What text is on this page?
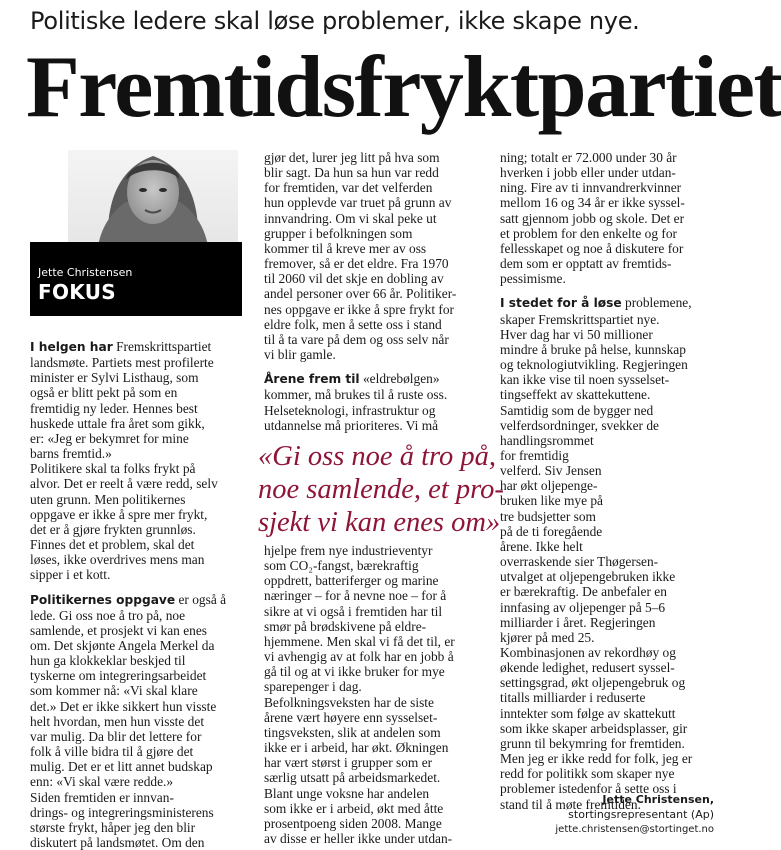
Politiske ledere skal løse problemer, ikke skape nye.
Fremtidsfryktpartiet
Jette Christensen
FOKUS

I helgen har Fremskrittspartiet

landsmøte. Partiets mest profilerte

minister er Sylvi Listhaug, som

også er blitt pekt på som en

fremtidig ny leder. Hennes best

huskede uttale fra året som gikk,

er: «Jeg er bekymret for mine

barns fremtid.»

Politikere skal ta folks frykt på

alvor. Det er reelt å være redd, selv

uten grunn. Men politikernes

oppgave er ikke å spre mer frykt,

det er å gjøre frykten grunnløs.

Finnes det et problem, skal det

løses, ikke overdrives mens man

sipper i et kott.

Politikernes oppgave er også å

lede. Gi oss noe å tro på, noe

samlende, et prosjekt vi kan enes

om. Det skjønte Angela Merkel da

hun ga klokkeklar beskjed til

tyskerne om integreringsarbeidet

som kommer nå: «Vi skal klare

det.» Det er ikke sikkert hun visste

helt hvordan, men hun visste det

var mulig. Da blir det lettere for

folk å ville bidra til å gjøre det

mulig. Det er et litt annet budskap

enn: «Vi skal være redde.»

Siden fremtiden er innvan-

drings- og integreringsministerens

største frykt, håper jeg den blir

diskutert på landsmøtet. Om den

gjør det, lurer jeg litt på hva som

blir sagt. Da hun sa hun var redd

for fremtiden, var det velferden

hun opplevde var truet på grunn av

innvandring. Om vi skal peke ut

grupper i befolkningen som

kommer til å kreve mer av oss

fremover, så er det eldre. Fra 1970

til 2060 vil det skje en dobling av

andel personer over 66 år. Politiker-

nes oppgave er ikke å spre frykt for

eldre folk, men å sette oss i stand

til å ta vare på dem og oss selv når

vi blir gamle.

Årene frem til «eldrebølgen»

kommer, må brukes til å ruste oss.

Helseteknologi, infrastruktur og

utdannelse må prioriteres. Vi må

hjelpe frem nye industrieventyr

som CO₂-fangst, bærekraftig

oppdrett, batteriferger og marine

næringer – for å nevne noe – for å

sikre at vi også i fremtiden har til

smør på brødskivene på eldre-

hjemmene. Men skal vi få det til, er

vi avhengig av at folk har en jobb å

gå til og at vi ikke bruker for mye

sparepenger i dag.

Befolkningsveksten har de siste

årene vært høyere enn sysselset-

tingsveksten, slik at andelen som

ikke er i arbeid, har økt. Økningen

har vært størst i grupper som er

særlig utsatt på arbeidsmarkedet.

Blant unge voksne har andelen

som ikke er i arbeid, økt med åtte

prosentpoeng siden 2008. Mange

av disse er heller ikke under utdan-

ning; totalt er 72.000 under 30 år

hverken i jobb eller under utdan-

ning. Fire av ti innvandrerkvinner

mellom 16 og 34 år er ikke syssel-

satt gjennom jobb og skole. Det er

et problem for den enkelte og for

fellesskapet og noe å diskutere for

dem som er opptatt av fremtids-

pessimisme.

I stedet for å løse problemene,

skaper Fremskrittspartiet nye.

Hver dag har vi 50 millioner

mindre å bruke på helse, kunnskap

og teknologiutvikling. Regjeringen

kan ikke vise til noen sysselset-

tingseffekt av skattekuttene.

Samtidig som de bygger ned

velferdsordninger, svekker de

handlingsrommet

for fremtidig

velferd. Siv Jensen

har økt oljepenge-

bruken like mye på

tre budsjetter som

på de ti foregående

årene. Ikke helt

overraskende sier Thøgersen-

utvalget at oljepengebruken ikke

er bærekraftig. De anbefaler en

innfasing av oljepenger på 5–6

milliarder i året. Regjeringen

kjører på med 25.

Kombinasjonen av rekordhøy og

økende ledighet, redusert syssel-

settingsgrad, økt oljepengebruk og

titalls milliarder i reduserte

inntekter som følge av skattekutt

som ikke skaper arbeidsplasser, gir

grunn til bekymring for fremtiden.

Men jeg er ikke redd for folk, jeg er

redd for politikk som skaper nye

problemer istedenfor å sette oss i

stand til å møte fremtiden.

«Gi oss noe å tro på,
noe samlende, et pro-
sjekt vi kan enes om»
Jette Christensen,
stortingsrepresentant (Ap)
jette.christensen@stortinget.no
